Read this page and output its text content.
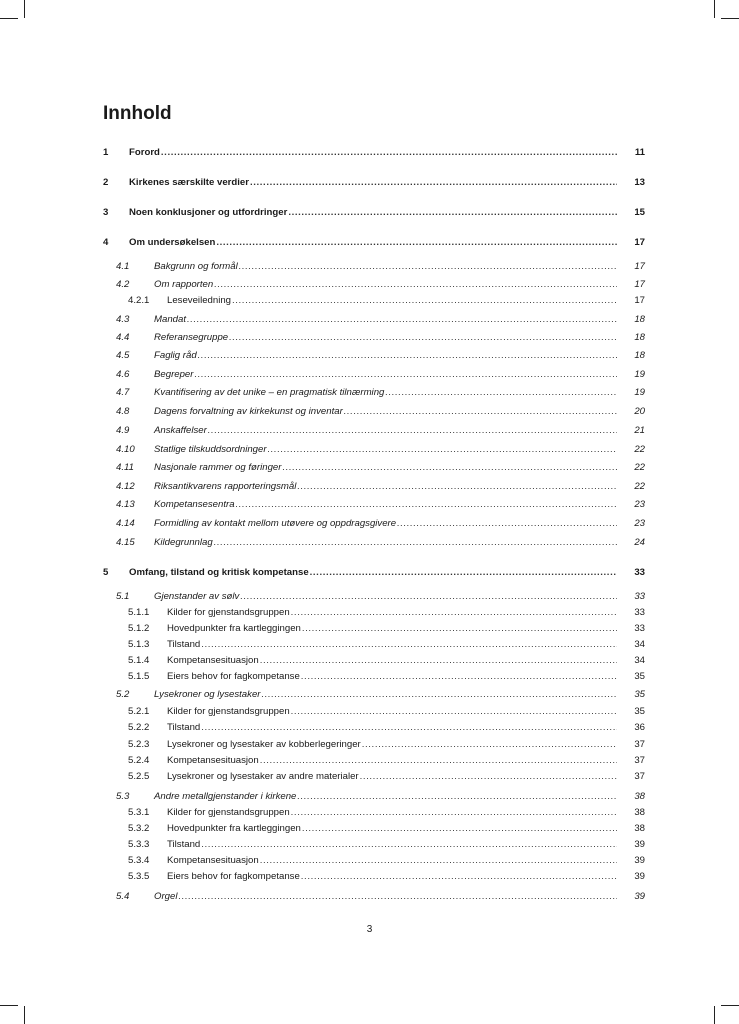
Innhold
1 Forord .....	11
2 Kirkenes særskilte verdier .....	13
3 Noen konklusjoner og utfordringer .....	15
4 Om undersøkelsen .....	17
4.1	Bakgrunn og formål .....	17
4.2	Om rapporten .....	17
4.2.1 Leseveiledning .....	17
4.3	Mandat .....	18
4.4	Referansegruppe .....	18
4.5	Faglig råd .....	18
4.6	Begreper .....	19
4.7	Kvantifisering av det unike – en pragmatisk tilnærming .....	19
4.8	Dagens forvaltning av kirkekunst og inventar .....	20
4.9	Anskaffelser .....	21
4.10 Statlige tilskuddsordninger .....	22
4.11 Nasjonale rammer og føringer .....	22
4.12 Riksantikvarens rapporteringsmål .....	22
4.13 Kompetansesentra .....	23
4.14 Formidling av kontakt mellom utøvere og oppdragsgivere .....	23
4.15 Kildegrunnlag .....	24
5 Omfang, tilstand og kritisk kompetanse .....	33
5.1	Gjenstander av sølv .....	33
5.1.1 Kilder for gjenstandsgruppen .....	33
5.1.2 Hovedpunkter fra kartleggingen .....	33
5.1.3 Tilstand .....	34
5.1.4 Kompetansesituasjon .....	34
5.1.5 Eiers behov for fagkompetanse .....	35
5.2	Lysekroner og lysestaker .....	35
5.2.1 Kilder for gjenstandsgruppen .....	35
5.2.2 Tilstand .....	36
5.2.3 Lysekroner og lysestaker av kobberlegeringer .....	37
5.2.4 Kompetansesituasjon .....	37
5.2.5 Lysekroner og lysestaker av andre materialer .....	37
5.3	Andre metallgjenstander i kirkene .....	38
5.3.1 Kilder for gjenstandsgruppen .....	38
5.3.2 Hovedpunkter fra kartleggingen .....	38
5.3.3 Tilstand .....	39
5.3.4 Kompetansesituasjon .....	39
5.3.5 Eiers behov for fagkompetanse .....	39
5.4	Orgel .....	39
3
